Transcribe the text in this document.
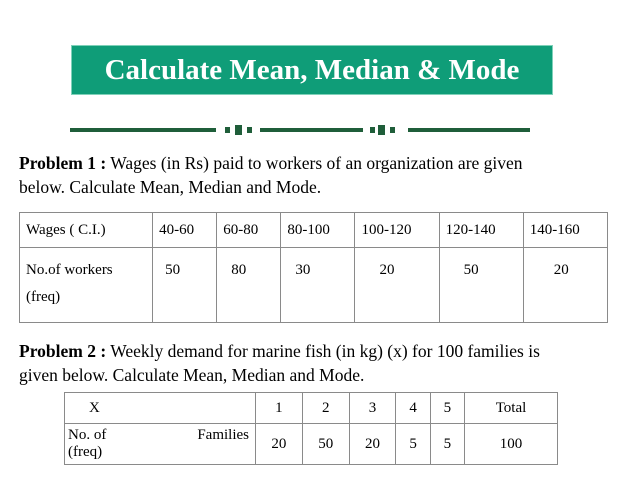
Calculate Mean, Median & Mode

Problem 1 : Wages (in Rs) paid to workers of an organization are given
below. Calculate Mean, Median and Mode.

Wages ( C.I.)	40-60	60-80	80-100	100-120	120-140	140-160
No.of workers
(freq)	50	80	30	20	50	20

Problem 2 : Weekly demand for marine fish (in kg) (x) for 100 families is
given below. Calculate Mean, Median and Mode.

X	1	2	3	4	5	Total

No. of Families
(freq)	20	50	20	5	5	100
